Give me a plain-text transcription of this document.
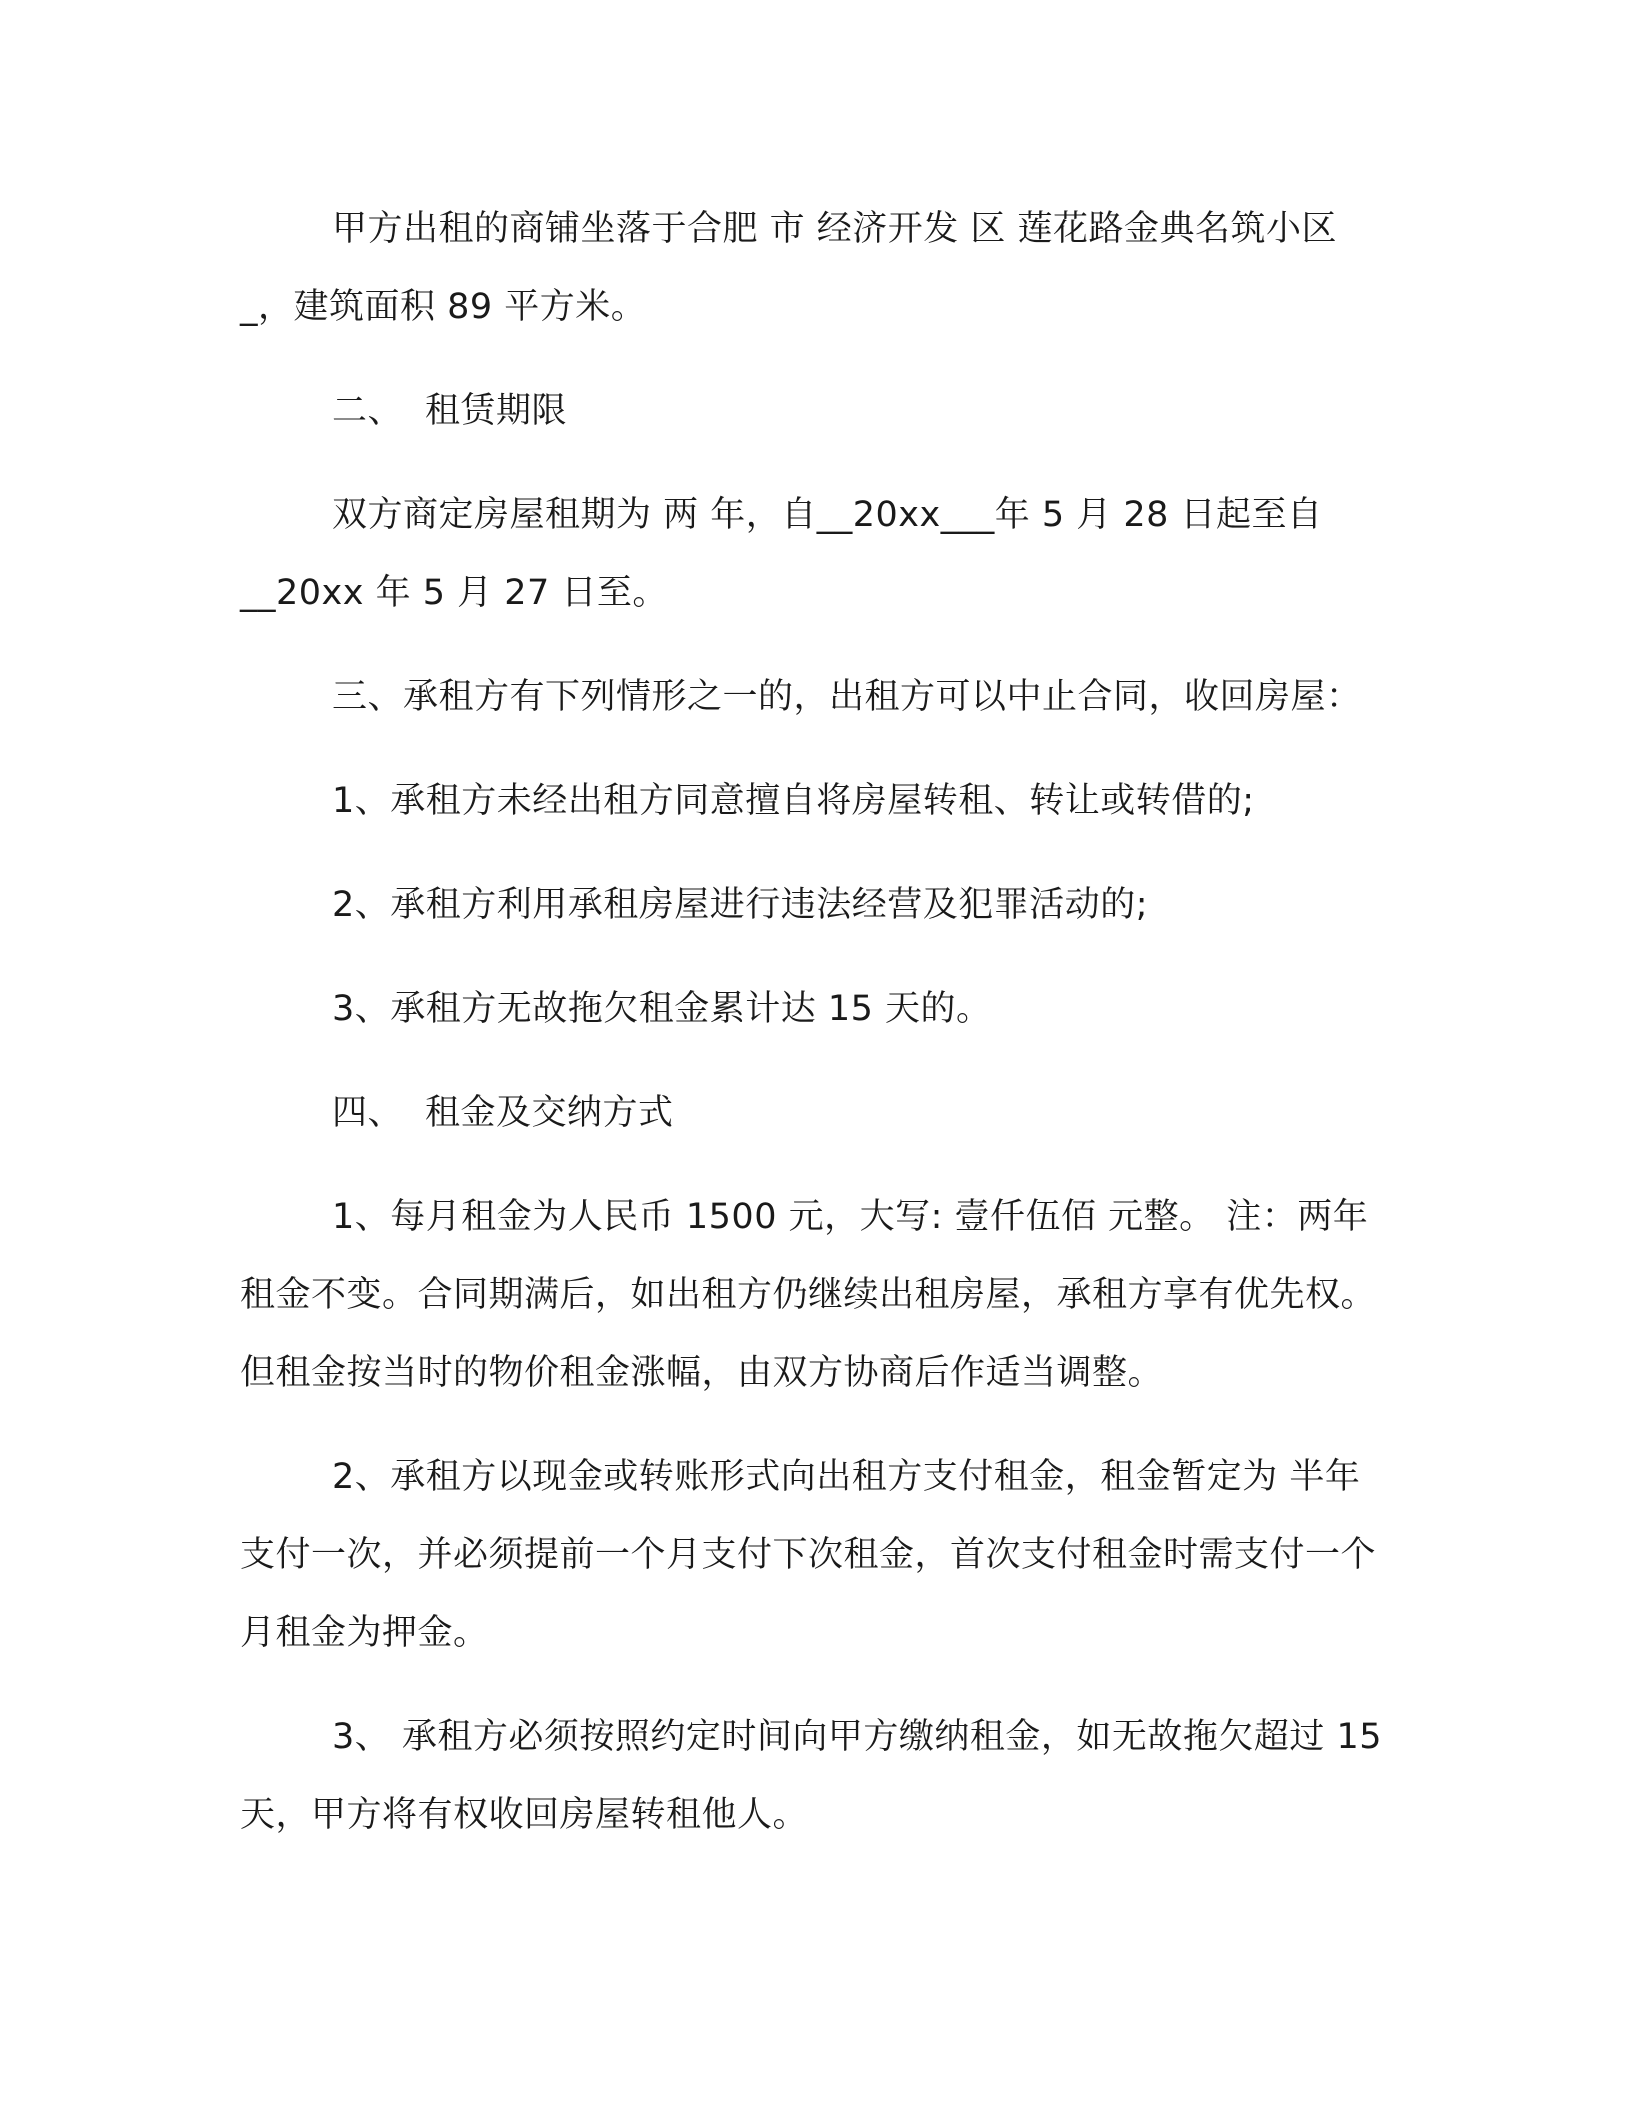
甲方出租的商铺坐落于合肥 市 经济开发 区 莲花路金典名筑小区_，建筑面积 89 平方米。

二、 租赁期限

双方商定房屋租期为 两 年，自__20xx___年 5 月 28 日起至自__20xx 年 5 月 27 日至。

三、承租方有下列情形之一的，出租方可以中止合同，收回房屋：

1、承租方未经出租方同意擅自将房屋转租、转让或转借的;

2、承租方利用承租房屋进行违法经营及犯罪活动的;

3、承租方无故拖欠租金累计达 15 天的。

四、 租金及交纳方式

1、每月租金为人民币 1500 元，大写: 壹仟伍佰 元整。 注：两年租金不变。合同期满后，如出租方仍继续出租房屋，承租方享有优先权。但租金按当时的物价租金涨幅，由双方协商后作适当调整。

2、承租方以现金或转账形式向出租方支付租金，租金暂定为 半年 支付一次，并必须提前一个月支付下次租金，首次支付租金时需支付一个月租金为押金。

3、 承租方必须按照约定时间向甲方缴纳租金，如无故拖欠超过 15 天，甲方将有权收回房屋转租他人。
